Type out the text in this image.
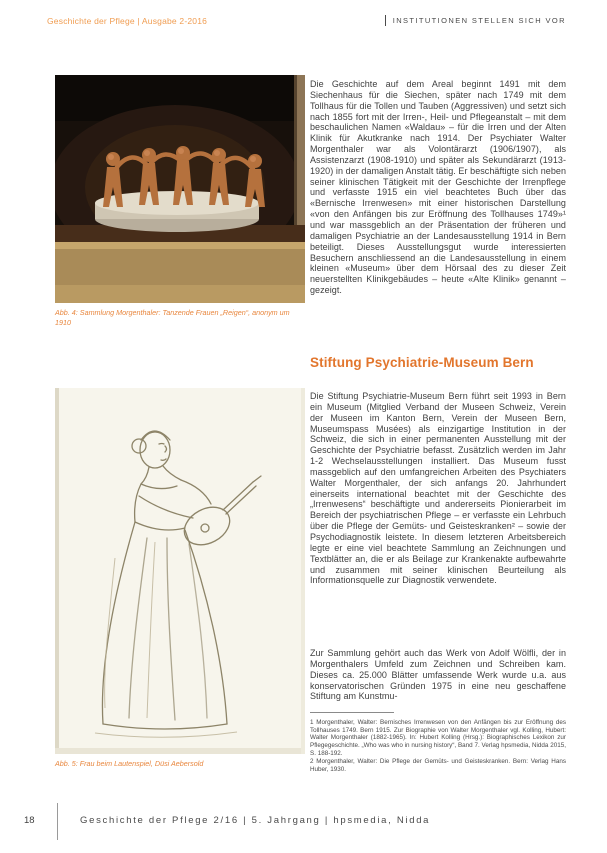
Geschichte der Pflege | Ausgabe 2-2016	INSTITUTIONEN STELLEN SICH VOR
Abb. 4: Sammlung Morgenthaler: Tanzende Frauen „Reigen“, anonym um 1910
Abb. 5: Frau beim Lautenspiel, Düsi Aebersold
Die Geschichte auf dem Areal beginnt 1491 mit dem Siechenhaus für die Siechen, später nach 1749 mit dem Tollhaus für die Tollen und Tauben (Aggressiven) und setzt sich nach 1855 fort mit der Irren-, Heil- und Pflegeanstalt – mit dem beschaulichen Namen «Waldau» – für die Irren und der Alten Klinik für Akutkranke nach 1914. Der Psychiater Walter Morgenthaler war als Volontärarzt (1906/1907), als Assistenzarzt (1908-1910) und später als Sekundärarzt (1913-1920) in der damaligen Anstalt tätig. Er beschäftigte sich neben seiner klinischen Tätigkeit mit der Geschichte der Irrenpflege und verfasste 1915 ein viel beachtetes Buch über das «Bernische Irrenwesen» mit einer historischen Darstellung «von den Anfängen bis zur Eröffnung des Tollhauses 1749»¹ und war massgeblich an der Präsentation der früheren und damaligen Psychiatrie an der Landesausstellung 1914 in Bern beteiligt. Dieses Ausstellungsgut wurde interessierten Besuchern anschliessend an die Landesausstellung in einem kleinen «Museum» über dem Hörsaal des zu dieser Zeit neuerstellten Klinikgebäudes – heute «Alte Klinik» genannt – gezeigt.
Stiftung Psychiatrie-Museum Bern
Die Stiftung Psychiatrie-Museum Bern führt seit 1993 in Bern ein Museum (Mitglied Verband der Museen Schweiz, Verein der Museen im Kanton Bern, Verein der Museen Bern, Museumspass Musées) als einzigartige Institution in der Schweiz, die sich in einer permanenten Ausstellung mit der Geschichte der Psychiatrie befasst. Zusätzlich werden im Jahr 1-2 Wechselausstellungen installiert. Das Museum fusst massgeblich auf den umfangreichen Arbeiten des Psychiaters Walter Morgenthaler, der sich anfangs 20. Jahrhundert einerseits international beachtet mit der Geschichte des „Irrenwesens“ beschäftigte und andererseits Pionierarbeit im Bereich der psychiatrischen Pflege – er verfasste ein Lehrbuch über die Pflege der Gemüts- und Geisteskranken² – sowie der Psychodiagnostik leistete. In diesem letzteren Arbeitsbereich legte er eine viel beachtete Sammlung an Zeichnungen und Textblätter an, die er als Beilage zur Krankenakte aufbewahrte und zusammen mit seiner klinischen Beurteilung als Informationsquelle zur Diagnostik verwendete.
Zur Sammlung gehört auch das Werk von Adolf Wölfli, der in Morgenthalers Umfeld zum Zeichnen und Schreiben kam. Dieses ca. 25.000 Blätter umfassende Werk wurde u.a. aus konservatorischen Gründen 1975 in eine neu geschaffene Stiftung am Kunstmu-
1 Morgenthaler, Walter: Bernisches Irrenwesen von den Anfängen bis zur Eröffnung des Tollhauses 1749. Bern 1915. Zur Biographie von Walter Morgenthaler vgl. Kolling, Hubert: Walter Morgenthaler (1882-1965). In: Hubert Kolling (Hrsg.): Biographisches Lexikon zur Pflegegeschichte. „Who was who in nursing history“, Band 7. Verlag hpsmedia, Nidda 2015, S. 188-192.
2 Morgenthaler, Walter: Die Pflege der Gemüts- und Geisteskranken. Bern: Verlag Hans Huber, 1930.
18	Geschichte der Pflege 2/16 | 5. Jahrgang | hpsmedia, Nidda
